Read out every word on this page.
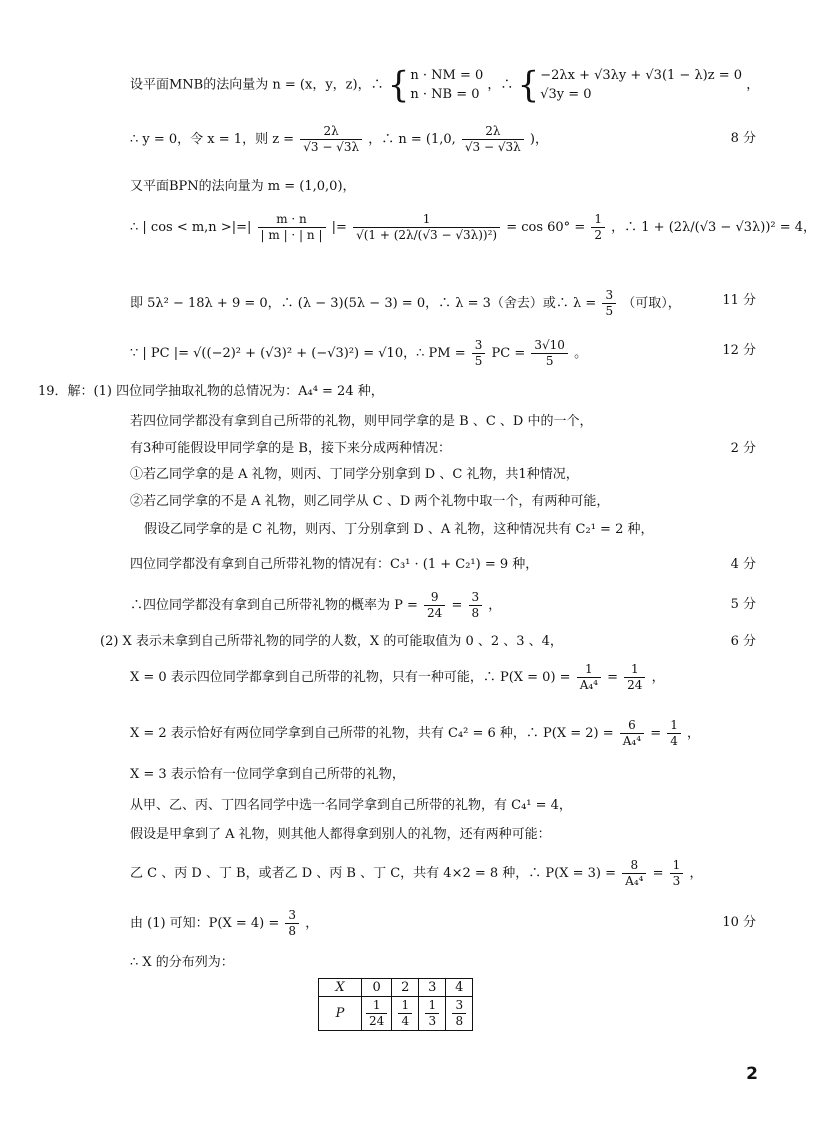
设平面MNB的法向量为 n = (x，y，z)，∴ { n · NM = 0
n · NB = 0
，∴ { −2λx + √3λy + √3(1 − λ)z = 0
√3y = 0
，
∴ y = 0，令 x = 1，则 $z = \frac{2\lambda}{√3 - √3\lambda}$ ，∴ n = (1,0, $\frac{2\lambda}{√3 - √3\lambda}$ )，	8 分
又平面BPN的法向量为 m = (1,0,0)，
∴ | cos < m,n >|=| $\frac{m \cdot n}{| m | \cdot | n |}$ |= $\frac{1}{\text{√(1 + (2λ/(√3 − √3λ))²)}} = \cos 60^\circ = \frac{1}{2}$ ，∴ 1 + (2λ/(√3 − √3λ))² = 4，
即 5λ² − 18λ + 9 = 0，∴ (λ − 3)(5λ − 3) = 0，∴ λ = 3（舍去）或∴ $\lambda = \frac{3}{5}$ （可取），	11 分
∵ | PC |= √((−2)² + (√3)² + (−√3)²) = √10，∴ PM = $\frac{3}{5}$ PC = $\frac{3√10}{5}$ 。	12 分
19．解：(1) 四位同学抽取礼物的总情况为：A₄⁴ = 24 种，
若四位同学都没有拿到自己所带的礼物，则甲同学拿的是 B 、C 、D 中的一个，
有3种可能假设甲同学拿的是 B，接下来分成两种情况：	2 分
①若乙同学拿的是 A 礼物，则丙、丁同学分别拿到 D 、C 礼物，共1种情况，
②若乙同学拿的不是 A 礼物，则乙同学从 C 、D 两个礼物中取一个，有两种可能，
假设乙同学拿的是 C 礼物，则丙、丁分别拿到 D 、A 礼物，这种情况共有 C₂¹ = 2 种，
四位同学都没有拿到自己所带礼物的情况有：C₃¹ · (1 + C₂¹) = 9 种，	4 分
∴四位同学都没有拿到自己所带礼物的概率为 $P = \frac{9}{24} = \frac{3}{8}$ ，	5 分
(2) X 表示未拿到自己所带礼物的同学的人数，X 的可能取值为 0 、2 、3 、4，	6 分
X = 0 表示四位同学都拿到自己所带的礼物，只有一种可能，∴ $P(X = 0) = \frac{1}{\text{A₄⁴}} = \frac{1}{24}$ ，
X = 2 表示恰好有两位同学拿到自己所带的礼物，共有 C₄² = 6 种，∴ $P(X = 2) = \frac{6}{\text{A₄⁴}} = \frac{1}{4}$ ，
X = 3 表示恰有一位同学拿到自己所带的礼物，
从甲、乙、丙、丁四名同学中选一名同学拿到自己所带的礼物，有 C₄¹ = 4，
假设是甲拿到了 A 礼物，则其他人都得拿到别人的礼物，还有两种可能：
乙 C 、丙 D 、丁 B，或者乙 D 、丙 B 、丁 C，共有 4×2 = 8 种，∴ $P(X = 3) = \frac{8}{\text{A₄⁴}} = \frac{1}{3}$ ，
由 (1) 可知：$P(X = 4) = \frac{3}{8}$ ，	10 分
∴ X 的分布列为：
X	0	2	3	4
P	$\frac{1}{24}$	$\frac{1}{4}$	$\frac{1}{3}$	$\frac{3}{8}$
2
